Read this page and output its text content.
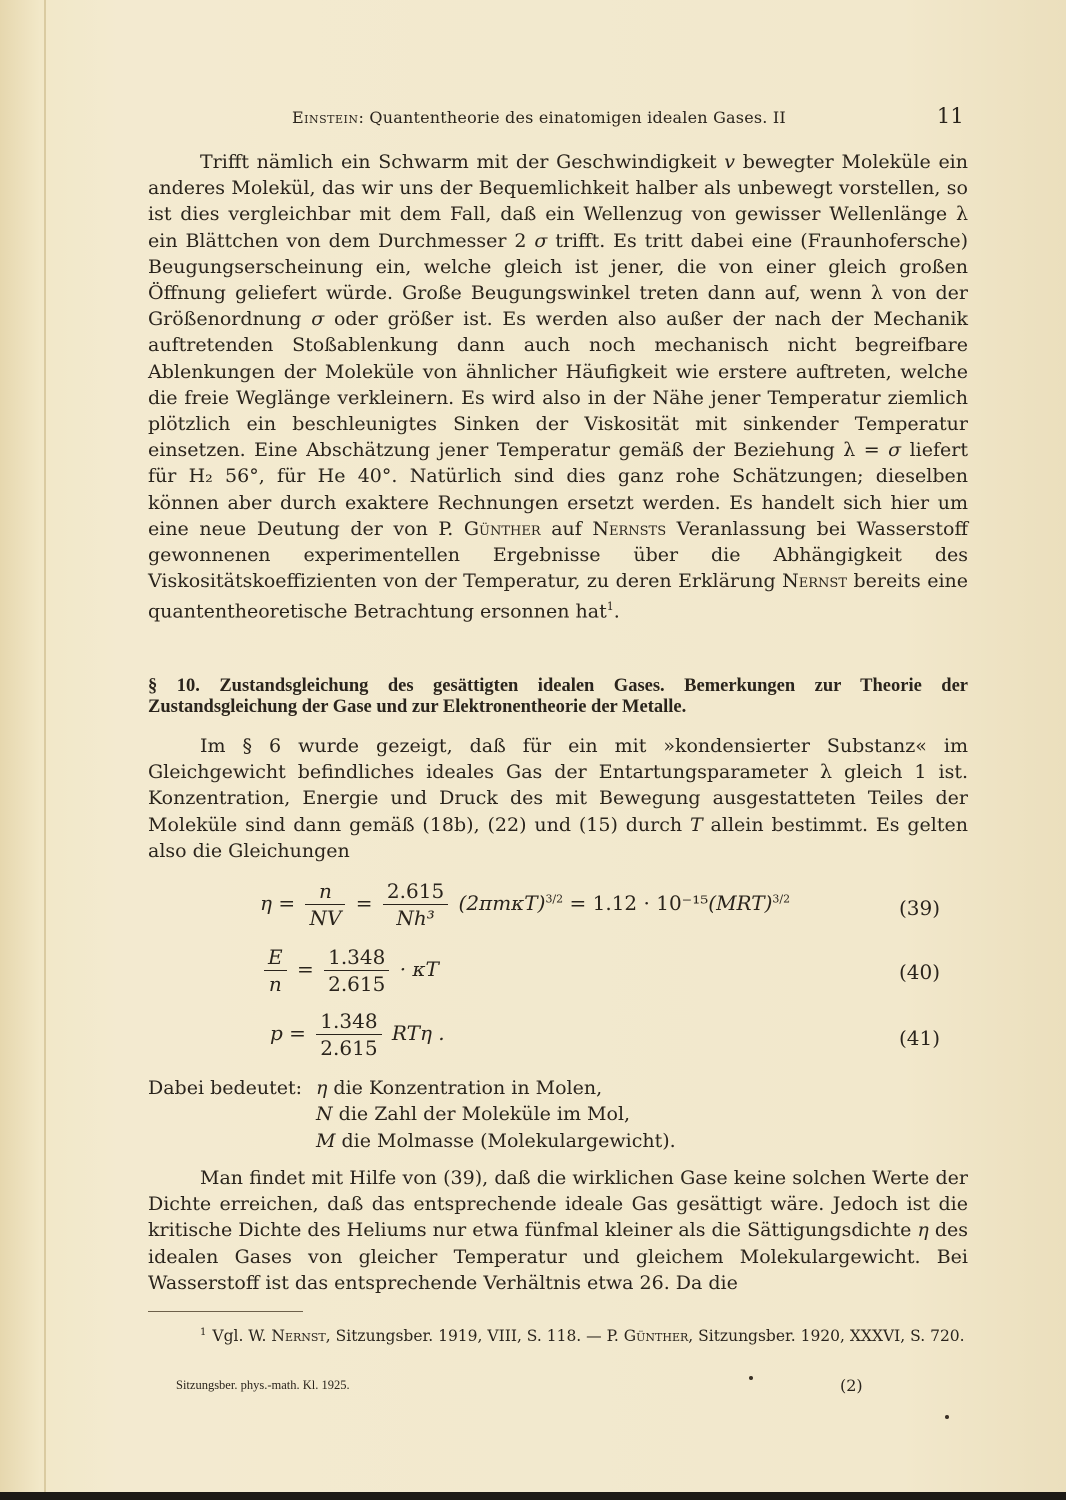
Einstein: Quantentheorie des einatomigen idealen Gases. II	11

Trifft nämlich ein Schwarm mit der Geschwindigkeit v bewegter Moleküle ein anderes Molekül, das wir uns der Bequemlichkeit halber als unbewegt vorstellen, so ist dies vergleichbar mit dem Fall, daß ein Wellenzug von gewisser Wellenlänge λ ein Blättchen von dem Durchmesser 2 σ trifft. Es tritt dabei eine (Fraunhofersche) Beugungserscheinung ein, welche gleich ist jener, die von einer gleich großen Öffnung geliefert würde. Große Beugungswinkel treten dann auf, wenn λ von der Größenordnung σ oder größer ist. Es werden also außer der nach der Mechanik auftretenden Stoßablenkung dann auch noch mechanisch nicht begreifbare Ablenkungen der Moleküle von ähnlicher Häufigkeit wie erstere auftreten, welche die freie Weglänge verkleinern. Es wird also in der Nähe jener Temperatur ziemlich plötzlich ein beschleunigtes Sinken der Viskosität mit sinkender Temperatur einsetzen. Eine Abschätzung jener Temperatur gemäß der Beziehung λ = σ liefert für H₂ 56°, für He 40°. Natürlich sind dies ganz rohe Schätzungen; dieselben können aber durch exaktere Rechnungen ersetzt werden. Es handelt sich hier um eine neue Deutung der von P. Günther auf Nernsts Veranlassung bei Wasserstoff gewonnenen experimentellen Ergebnisse über die Abhängigkeit des Viskositätskoeffizienten von der Temperatur, zu deren Erklärung Nernst bereits eine quantentheoretische Betrachtung ersonnen hat$^1$.

§ 10. Zustandsgleichung des gesättigten idealen Gases. Bemerkungen zur Theorie der Zustandsgleichung der Gase und zur Elektronentheorie der Metalle.

Im § 6 wurde gezeigt, daß für ein mit »kondensierter Substanz« im Gleichgewicht befindliches ideales Gas der Entartungsparameter λ gleich 1 ist. Konzentration, Energie und Druck des mit Bewegung ausgestatteten Teiles der Moleküle sind dann gemäß (18b), (22) und (15) durch T allein bestimmt. Es gelten also die Gleichungen

$\eta = \frac{n}{NV} = \frac{2.615}{\text{Nh³}} (2\pi m\kappa T)^{3/2} = 1.12 \cdot 10^{-15}(MRT)^{3/2}$	(39)
$\frac{E}{n} = \frac{1.348}{2.615} \cdot \kappa T$	(40)
$p = \frac{1.348}{2.615}$ RTη .	(41)
Dabei bedeutet: η die Konzentration in Molen,
N die Zahl der Moleküle im Mol,
M die Molmasse (Molekulargewicht).

Man findet mit Hilfe von (39), daß die wirklichen Gase keine solchen Werte der Dichte erreichen, daß das entsprechende ideale Gas gesättigt wäre. Jedoch ist die kritische Dichte des Heliums nur etwa fünfmal kleiner als die Sättigungsdichte η des idealen Gases von gleicher Temperatur und gleichem Molekulargewicht. Bei Wasserstoff ist das entsprechende Verhältnis etwa 26. Da die

$^1$ Vgl. W. Nernst, Sitzungsber. 1919, VIII, S. 118. — P. Günther, Sitzungsber. 1920, XXXVI, S. 720.
Sitzungsber. phys.-math. Kl. 1925.	(2)
